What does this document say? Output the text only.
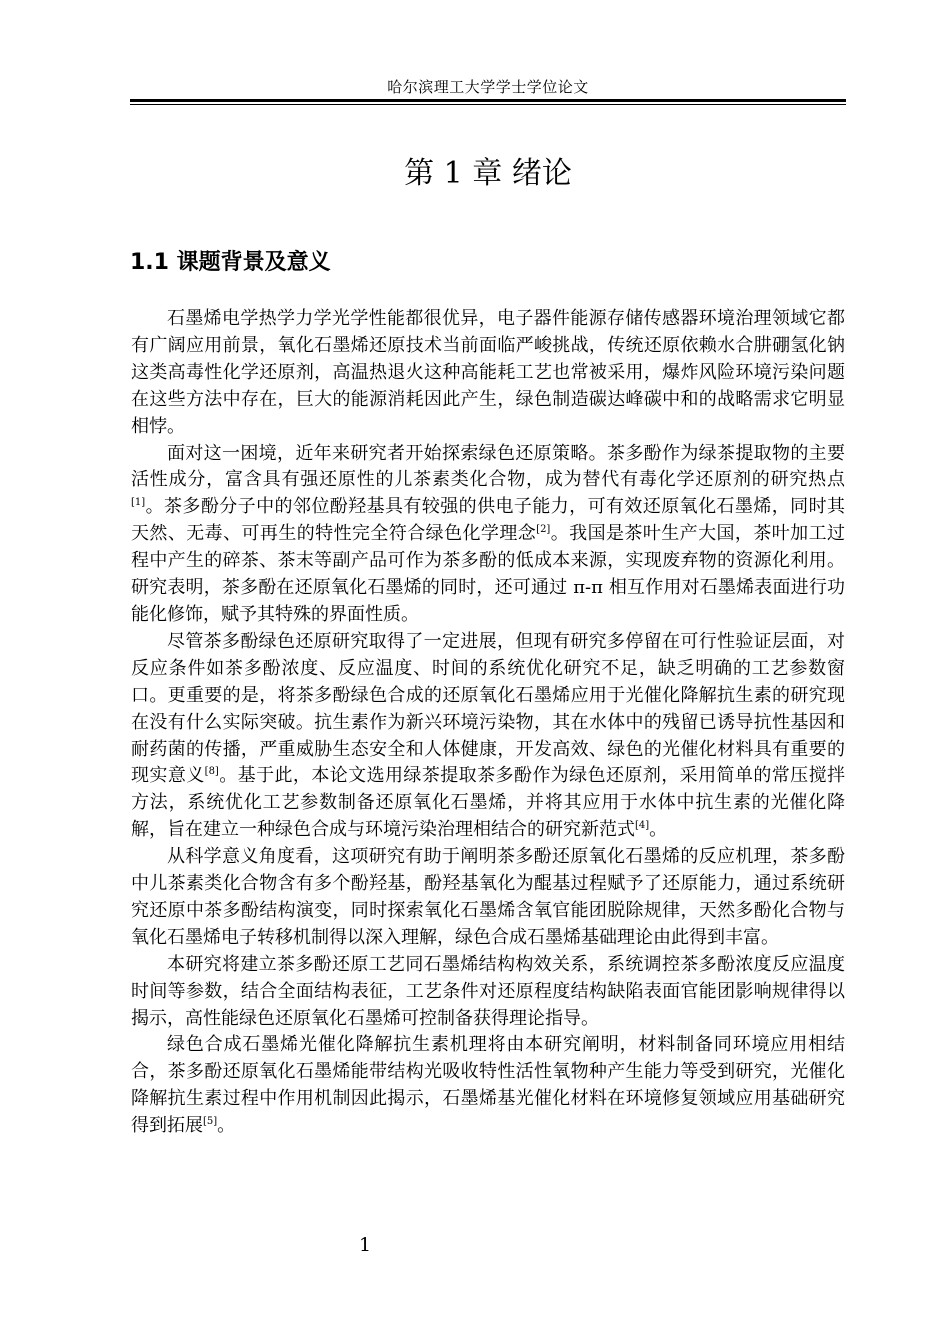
哈尔滨理工大学学士学位论文
第 1 章 绪论
1.1 课题背景及意义

石墨烯电学热学力学光学性能都很优异，电子器件能源存储传感器环境治理领域它都有广阔应用前景，氧化石墨烯还原技术当前面临严峻挑战，传统还原依赖水合肼硼氢化钠这类高毒性化学还原剂，高温热退火这种高能耗工艺也常被采用，爆炸风险环境污染问题在这些方法中存在，巨大的能源消耗因此产生，绿色制造碳达峰碳中和的战略需求它明显相悖。

面对这一困境，近年来研究者开始探索绿色还原策略。茶多酚作为绿茶提取物的主要活性成分，富含具有强还原性的儿茶素类化合物，成为替代有毒化学还原剂的研究热点[1]。茶多酚分子中的邻位酚羟基具有较强的供电子能力，可有效还原氧化石墨烯，同时其天然、无毒、可再生的特性完全符合绿色化学理念[2]。我国是茶叶生产大国，茶叶加工过程中产生的碎茶、茶末等副产品可作为茶多酚的低成本来源，实现废弃物的资源化利用。研究表明，茶多酚在还原氧化石墨烯的同时，还可通过 π-π 相互作用对石墨烯表面进行功能化修饰，赋予其特殊的界面性质。

尽管茶多酚绿色还原研究取得了一定进展，但现有研究多停留在可行性验证层面，对反应条件如茶多酚浓度、反应温度、时间的系统优化研究不足，缺乏明确的工艺参数窗口。更重要的是，将茶多酚绿色合成的还原氧化石墨烯应用于光催化降解抗生素的研究现在没有什么实际突破。抗生素作为新兴环境污染物，其在水体中的残留已诱导抗性基因和耐药菌的传播，严重威胁生态安全和人体健康，开发高效、绿色的光催化材料具有重要的现实意义[8]。基于此，本论文选用绿茶提取茶多酚作为绿色还原剂，采用简单的常压搅拌方法，系统优化工艺参数制备还原氧化石墨烯，并将其应用于水体中抗生素的光催化降解，旨在建立一种绿色合成与环境污染治理相结合的研究新范式[4]。

从科学意义角度看，这项研究有助于阐明茶多酚还原氧化石墨烯的反应机理，茶多酚中儿茶素类化合物含有多个酚羟基，酚羟基氧化为醌基过程赋予了还原能力，通过系统研究还原中茶多酚结构演变，同时探索氧化石墨烯含氧官能团脱除规律，天然多酚化合物与氧化石墨烯电子转移机制得以深入理解，绿色合成石墨烯基础理论由此得到丰富。

本研究将建立茶多酚还原工艺同石墨烯结构构效关系，系统调控茶多酚浓度反应温度时间等参数，结合全面结构表征，工艺条件对还原程度结构缺陷表面官能团影响规律得以揭示，高性能绿色还原氧化石墨烯可控制备获得理论指导。

绿色合成石墨烯光催化降解抗生素机理将由本研究阐明，材料制备同环境应用相结合，茶多酚还原氧化石墨烯能带结构光吸收特性活性氧物种产生能力等受到研究，光催化降解抗生素过程中作用机制因此揭示，石墨烯基光催化材料在环境修复领域应用基础研究得到拓展[5]。

1
